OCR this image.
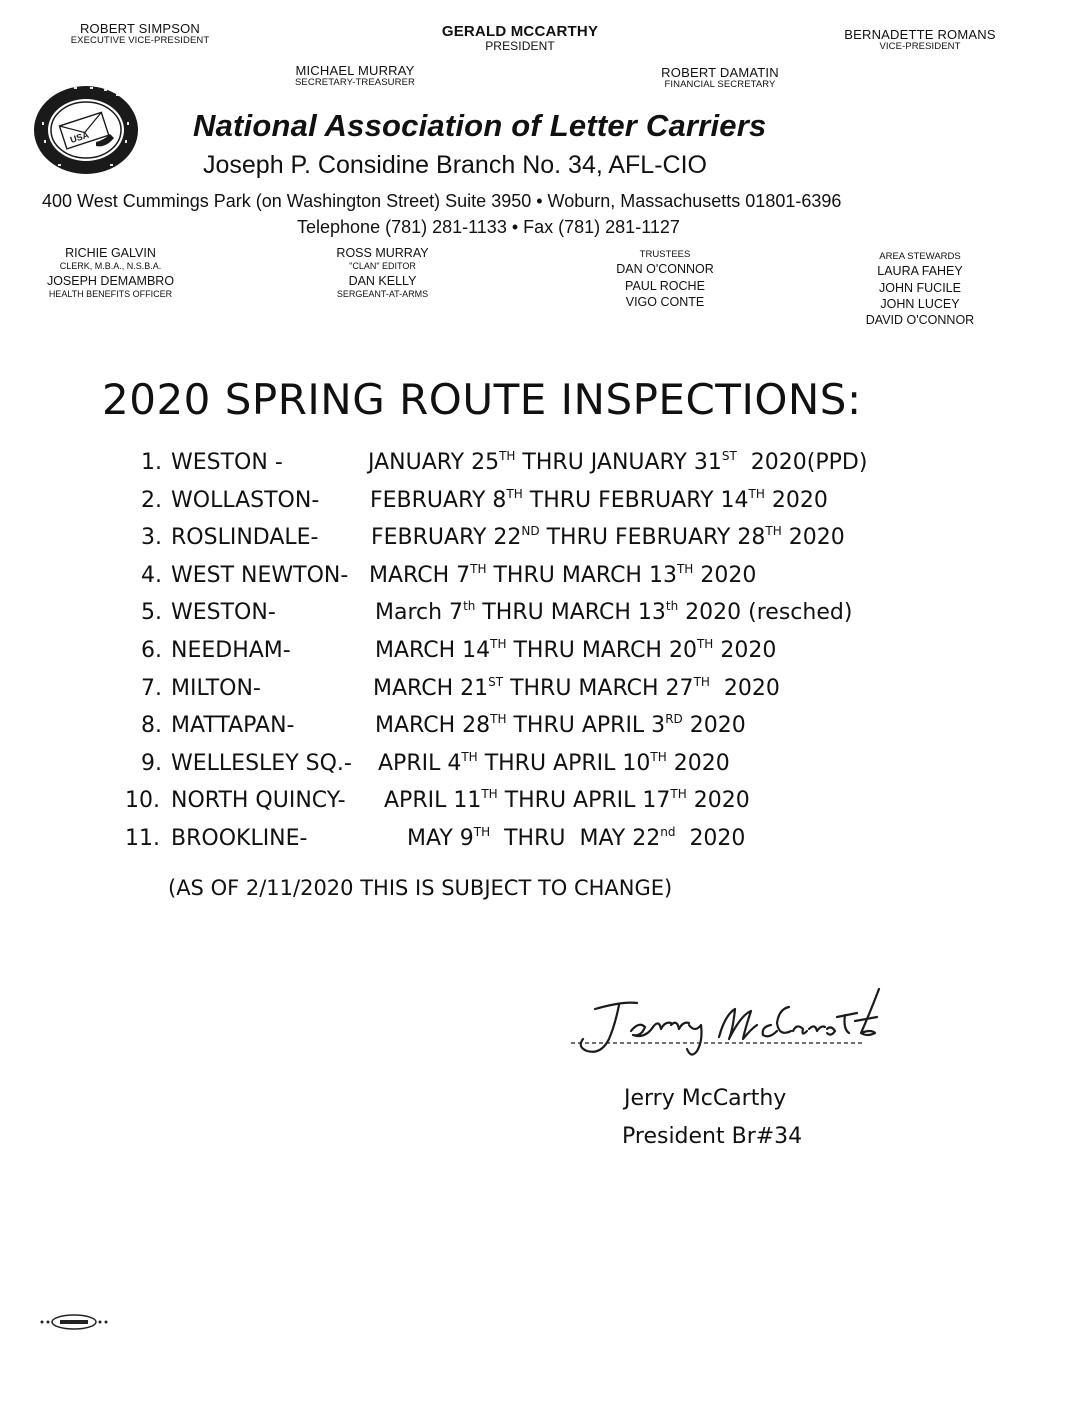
ROBERT SIMPSON
EXECUTIVE VICE-PRESIDENT
GERALD MCCARTHY
PRESIDENT
BERNADETTE ROMANS
VICE-PRESIDENT
MICHAEL MURRAY
SECRETARY-TREASURER
ROBERT DAMATIN
FINANCIAL SECRETARY
USA	National Association of Letter Carriers
Joseph P. Considine Branch No. 34, AFL-CIO
400 West Cummings Park (on Washington Street) Suite 3950 • Woburn, Massachusetts 01801-6396
Telephone (781) 281-1133 • Fax (781) 281-1127
RICHIE GALVIN
CLERK, M.B.A., N.S.B.A.
JOSEPH DEMAMBRO
HEALTH BENEFITS OFFICER
ROSS MURRAY
"CLAN" EDITOR
DAN KELLY
SERGEANT-AT-ARMS
TRUSTEES
DAN O'CONNOR
PAUL ROCHE
VIGO CONTE
AREA STEWARDS
LAURA FAHEY
JOHN FUCILE
JOHN LUCEY
DAVID O'CONNOR
2020 SPRING ROUTE INSPECTIONS:
1. WESTON -	JANUARY 25TH THRU JANUARY 31ST  2020(PPD)
2. WOLLASTON- FEBRUARY 8TH THRU FEBRUARY 14TH 2020
3. ROSLINDALE- FEBRUARY 22ND THRU FEBRUARY 28TH 2020
4. WEST NEWTON- MARCH 7TH THRU MARCH 13TH 2020
5. WESTON-	March 7th THRU MARCH 13th 2020 (resched)
6. NEEDHAM-	MARCH 14TH THRU MARCH 20TH 2020
7. MILTON-	MARCH 21ST THRU MARCH 27TH  2020
8. MATTAPAN-	MARCH 28TH THRU APRIL 3RD 2020
9. WELLESLEY SQ.- APRIL 4TH THRU APRIL 10TH 2020
10. NORTH QUINCY- APRIL 11TH THRU APRIL 17TH 2020
11. BROOKLINE-	MAY 9TH  THRU  MAY 22nd  2020
(AS OF 2/11/2020 THIS IS SUBJECT TO CHANGE)
Jerry McCarthy
President Br#34
